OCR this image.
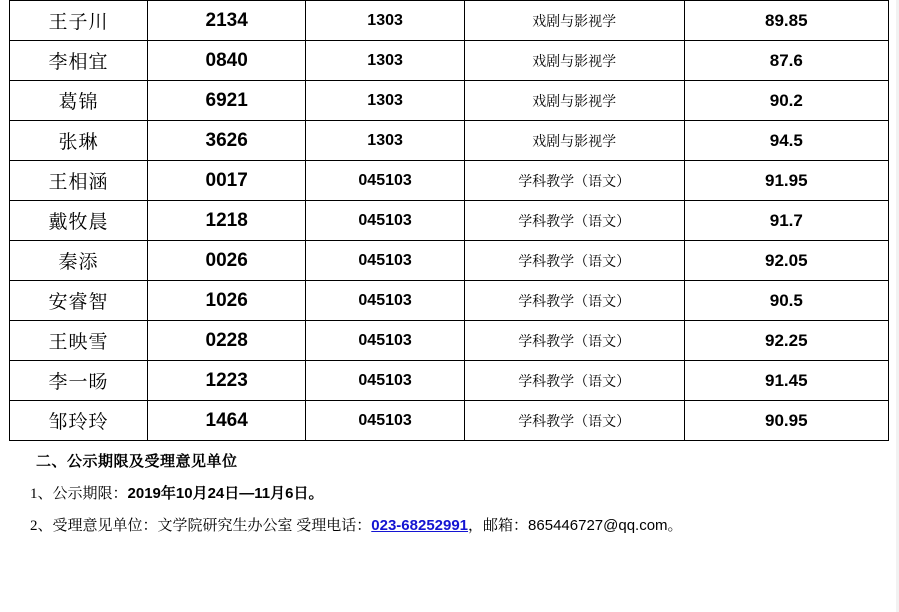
王子川	2134	1303	戏剧与影视学	89.85
李相宜	0840	1303	戏剧与影视学	87.6
葛锦	6921	1303	戏剧与影视学	90.2
张琳	3626	1303	戏剧与影视学	94.5
王相涵	0017	045103	学科教学（语文）	91.95
戴牧晨	1218	045103	学科教学（语文）	91.7
秦添	0026	045103	学科教学（语文）	92.05
安睿智	1026	045103	学科教学（语文）	90.5
王映雪	0228	045103	学科教学（语文）	92.25
李一旸	1223	045103	学科教学（语文）	91.45
邹玲玲	1464	045103	学科教学（语文）	90.95
二、公示期限及受理意见单位
1、公示期限：2019年10月24日—11月6日。
2、受理意见单位：文学院研究生办公室 受理电话：023-68252991，邮箱：865446727@qq.com。
